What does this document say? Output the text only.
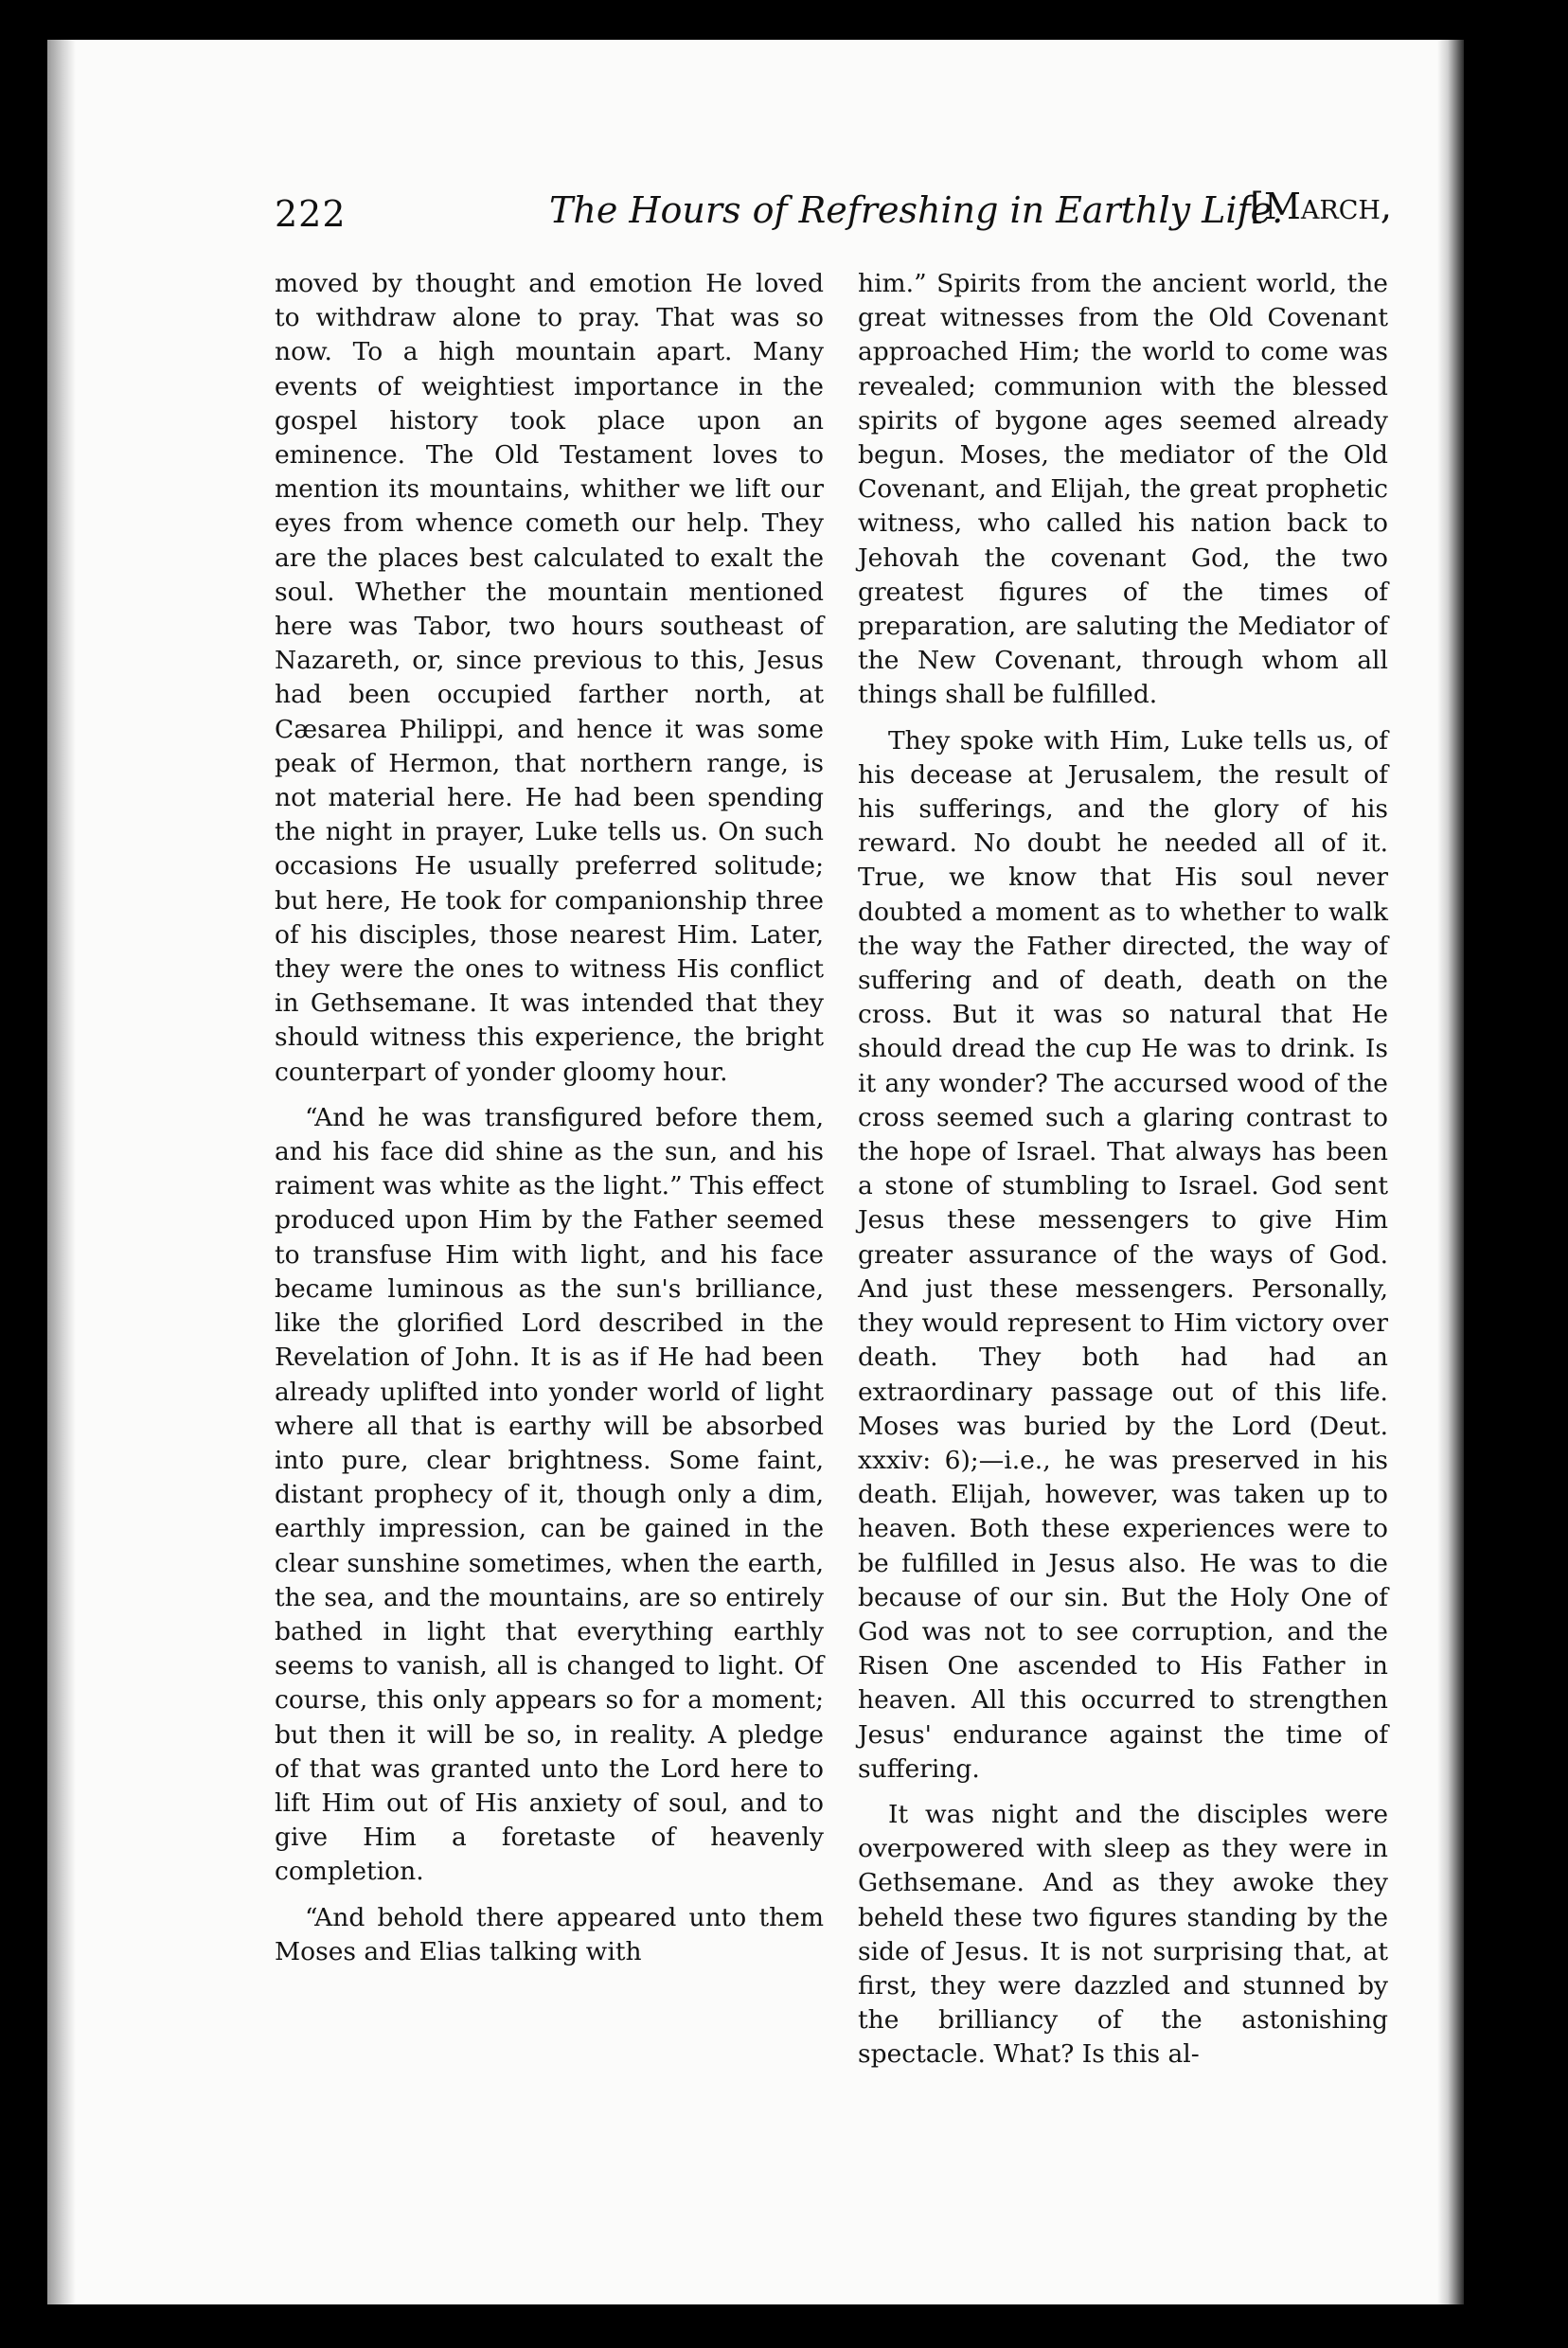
222	The Hours of Refreshing in Earthly Life.
[March,

moved by thought and emotion He loved to withdraw alone to pray. That was so now. To a high mountain apart. Many events of weightiest importance in the gospel history took place upon an eminence. The Old Testament loves to mention its mountains, whither we lift our eyes from whence cometh our help. They are the places best calculated to exalt the soul. Whether the mountain mentioned here was Tabor, two hours southeast of Nazareth, or, since previous to this, Jesus had been occupied farther north, at Cæsarea Philippi, and hence it was some peak of Hermon, that northern range, is not material here. He had been spending the night in prayer, Luke tells us. On such occasions He usually preferred solitude; but here, He took for companionship three of his disciples, those nearest Him. Later, they were the ones to witness His conflict in Gethsemane. It was intended that they should witness this experience, the bright counterpart of yonder gloomy hour.

“And he was transfigured before them, and his face did shine as the sun, and his raiment was white as the light.” This effect produced upon Him by the Father seemed to transfuse Him with light, and his face became luminous as the sun's brilliance, like the glorified Lord described in the Revelation of John. It is as if He had been already uplifted into yonder world of light where all that is earthy will be absorbed into pure, clear brightness. Some faint, distant prophecy of it, though only a dim, earthly impression, can be gained in the clear sunshine sometimes, when the earth, the sea, and the mountains, are so entirely bathed in light that everything earthly seems to vanish, all is changed to light. Of course, this only appears so for a moment; but then it will be so, in reality. A pledge of that was granted unto the Lord here to lift Him out of His anxiety of soul, and to give Him a foretaste of heavenly completion.

“And behold there appeared unto them Moses and Elias talking with

him.” Spirits from the ancient world, the great witnesses from the Old Covenant approached Him; the world to come was revealed; communion with the blessed spirits of bygone ages seemed already begun. Moses, the mediator of the Old Covenant, and Elijah, the great prophetic witness, who called his nation back to Jehovah the covenant God, the two greatest figures of the times of preparation, are saluting the Mediator of the New Covenant, through whom all things shall be fulfilled.

They spoke with Him, Luke tells us, of his decease at Jerusalem, the result of his sufferings, and the glory of his reward. No doubt he needed all of it. True, we know that His soul never doubted a moment as to whether to walk the way the Father directed, the way of suffering and of death, death on the cross. But it was so natural that He should dread the cup He was to drink. Is it any wonder? The accursed wood of the cross seemed such a glaring contrast to the hope of Israel. That always has been a stone of stumbling to Israel. God sent Jesus these messengers to give Him greater assurance of the ways of God. And just these messengers. Personally, they would represent to Him victory over death. They both had had an extraordinary passage out of this life. Moses was buried by the Lord (Deut. xxxiv: 6);—i.e., he was preserved in his death. Elijah, however, was taken up to heaven. Both these experiences were to be fulfilled in Jesus also. He was to die because of our sin. But the Holy One of God was not to see corruption, and the Risen One ascended to His Father in heaven. All this occurred to strengthen Jesus' endurance against the time of suffering.

It was night and the disciples were overpowered with sleep as they were in Gethsemane. And as they awoke they beheld these two figures standing by the side of Jesus. It is not surprising that, at first, they were dazzled and stunned by the brilliancy of the astonishing spectacle. What? Is this al-
